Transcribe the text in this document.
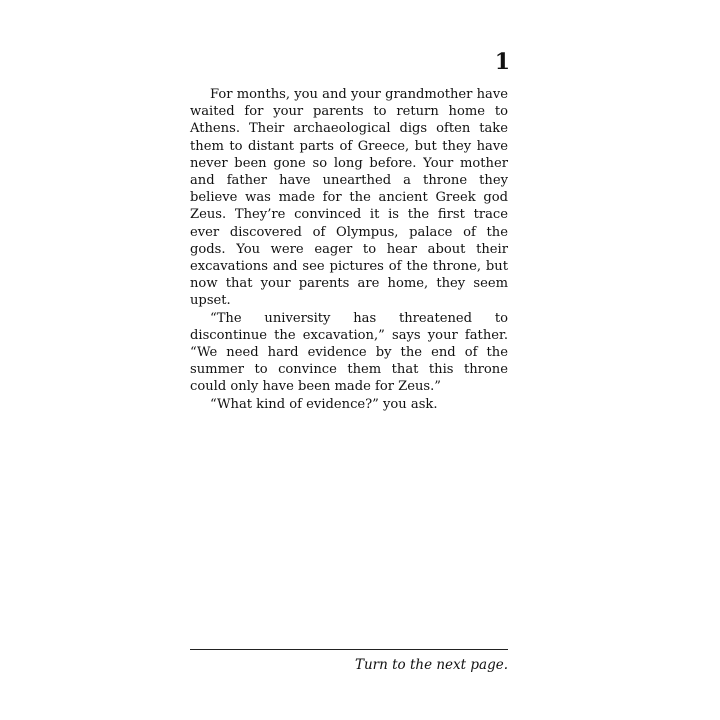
1

For months, you and your grandmother have waited for your parents to return home to Athens. Their archaeological digs often take them to distant parts of Greece, but they have never been gone so long before. Your mother and father have unearthed a throne they believe was made for the ancient Greek god Zeus. They’re convinced it is the first trace ever discovered of Olympus, palace of the gods. You were eager to hear about their excavations and see pictures of the throne, but now that your parents are home, they seem upset.

“The university has threatened to discontinue the excavation,” says your father. “We need hard evidence by the end of the summer to convince them that this throne could only have been made for Zeus.”

“What kind of evidence?” you ask.

Turn to the next page.
